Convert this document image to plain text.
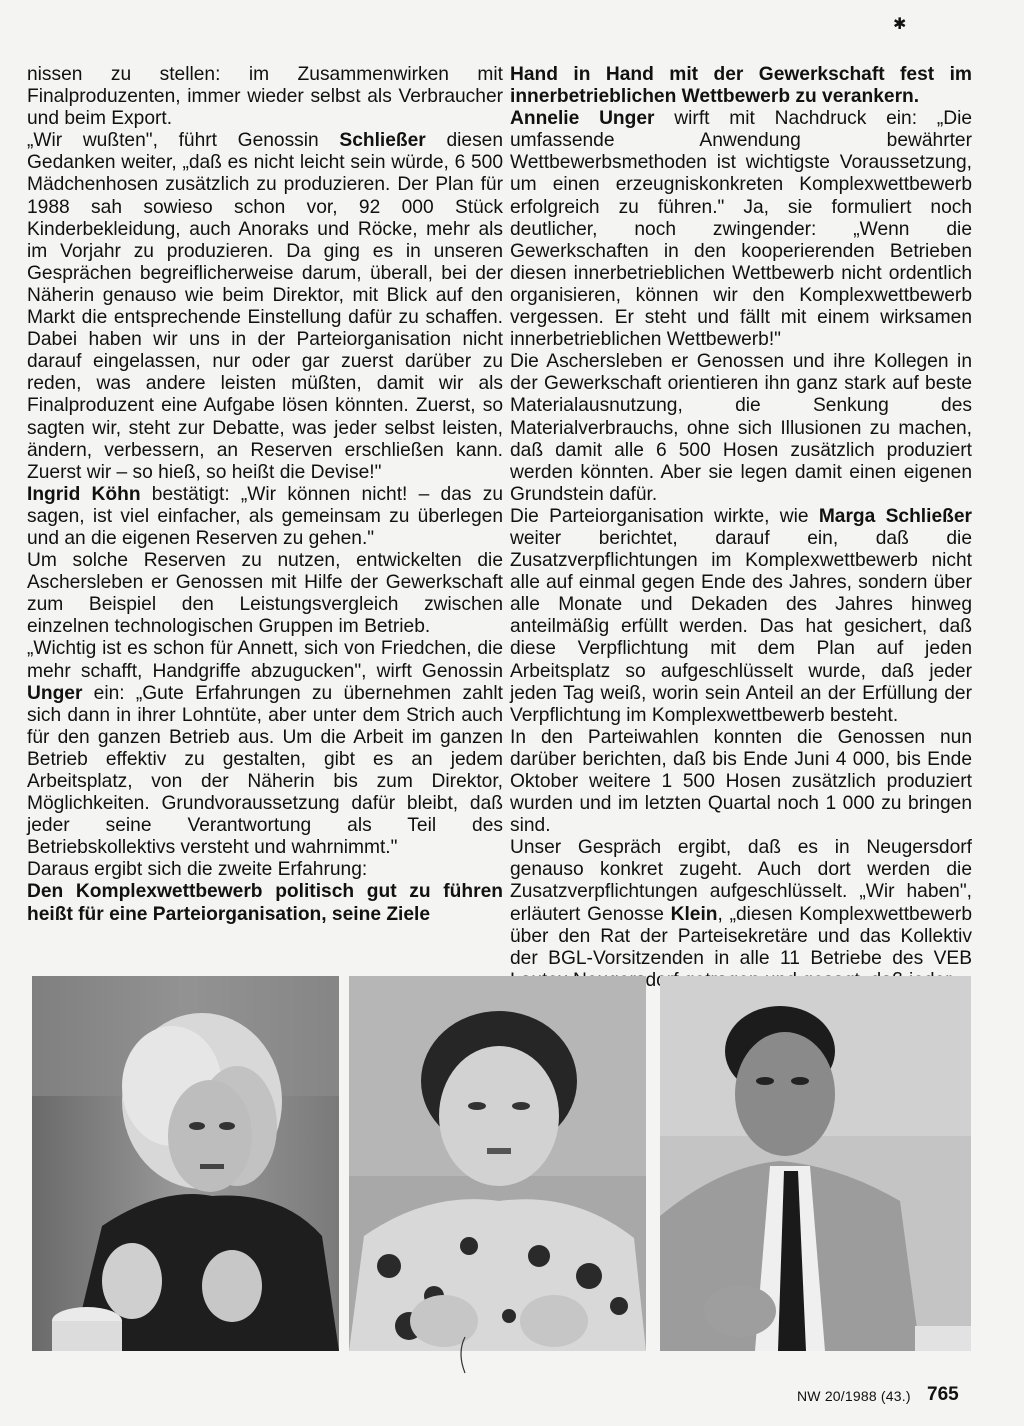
✱

nissen zu stellen: im Zusammenwirken mit Finalproduzenten, immer wieder selbst als Verbraucher und beim Export.

„Wir wußten", führt Genossin Schließer diesen Gedanken weiter, „daß es nicht leicht sein würde, 6 500 Mädchenhosen zusätzlich zu produzieren. Der Plan für 1988 sah sowieso schon vor, 92 000 Stück Kinderbekleidung, auch Anoraks und Röcke, mehr als im Vorjahr zu produzieren. Da ging es in unseren Gesprächen begreiflicherweise darum, überall, bei der Näherin genauso wie beim Direktor, mit Blick auf den Markt die entsprechende Einstellung dafür zu schaffen. Dabei haben wir uns in der Parteiorganisation nicht darauf eingelassen, nur oder gar zuerst darüber zu reden, was andere leisten müßten, damit wir als Finalproduzent eine Aufgabe lösen könnten. Zuerst, so sagten wir, steht zur Debatte, was jeder selbst leisten, ändern, verbessern, an Reserven erschließen kann. Zuerst wir – so hieß, so heißt die Devise!"

Ingrid Köhn bestätigt: „Wir können nicht! – das zu sagen, ist viel einfacher, als gemeinsam zu überlegen und an die eigenen Reserven zu gehen."

Um solche Reserven zu nutzen, entwickelten die Aschersleben er Genossen mit Hilfe der Gewerkschaft zum Beispiel den Leistungsvergleich zwischen einzelnen technologischen Gruppen im Betrieb.

„Wichtig ist es schon für Annett, sich von Friedchen, die mehr schafft, Handgriffe abzugucken", wirft Genossin Unger ein: „Gute Erfahrungen zu übernehmen zahlt sich dann in ihrer Lohntüte, aber unter dem Strich auch für den ganzen Betrieb aus. Um die Arbeit im ganzen Betrieb effektiv zu gestalten, gibt es an jedem Arbeitsplatz, von der Näherin bis zum Direktor, Möglichkeiten. Grundvoraussetzung dafür bleibt, daß jeder seine Verantwortung als Teil des Betriebskollektivs versteht und wahrnimmt."

Daraus ergibt sich die zweite Erfahrung:

Den Komplexwettbewerb politisch gut zu führen heißt für eine Parteiorganisation, seine Ziele

Hand in Hand mit der Gewerkschaft fest im innerbetrieblichen Wettbewerb zu verankern.

Annelie Unger wirft mit Nachdruck ein: „Die umfassende Anwendung bewährter Wettbewerbsmethoden ist wichtigste Voraussetzung, um einen erzeugniskonkreten Komplexwettbewerb erfolgreich zu führen." Ja, sie formuliert noch deutlicher, noch zwingender: „Wenn die Gewerkschaften in den kooperierenden Betrieben diesen innerbetrieblichen Wettbewerb nicht ordentlich organisieren, können wir den Komplexwettbewerb vergessen. Er steht und fällt mit einem wirksamen innerbetrieblichen Wettbewerb!"

Die Aschersleben er Genossen und ihre Kollegen in der Gewerkschaft orientieren ihn ganz stark auf beste Materialausnutzung, die Senkung des Materialverbrauchs, ohne sich Illusionen zu machen, daß damit alle 6 500 Hosen zusätzlich produziert werden könnten. Aber sie legen damit einen eigenen Grundstein dafür.

Die Parteiorganisation wirkte, wie Marga Schließer weiter berichtet, darauf ein, daß die Zusatzverpflichtungen im Komplexwettbewerb nicht alle auf einmal gegen Ende des Jahres, sondern über alle Monate und Dekaden des Jahres hinweg anteilmäßig erfüllt werden. Das hat gesichert, daß diese Verpflichtung mit dem Plan auf jeden Arbeitsplatz so aufgeschlüsselt wurde, daß jeder jeden Tag weiß, worin sein Anteil an der Erfüllung der Verpflichtung im Komplexwettbewerb besteht.

In den Parteiwahlen konnten die Genossen nun darüber berichten, daß bis Ende Juni 4 000, bis Ende Oktober weitere 1 500 Hosen zusätzlich produziert wurden und im letzten Quartal noch 1 000 zu bringen sind.

Unser Gespräch ergibt, daß es in Neugersdorf genauso konkret zugeht. Auch dort werden die Zusatzverpflichtungen aufgeschlüsselt. „Wir haben", erläutert Genosse Klein, „diesen Komplexwettbewerb über den Rat der Parteisekretäre und das Kollektiv der BGL-Vorsitzenden in alle 11 Betriebe des VEB

NW 20/1988 (43.) 765
